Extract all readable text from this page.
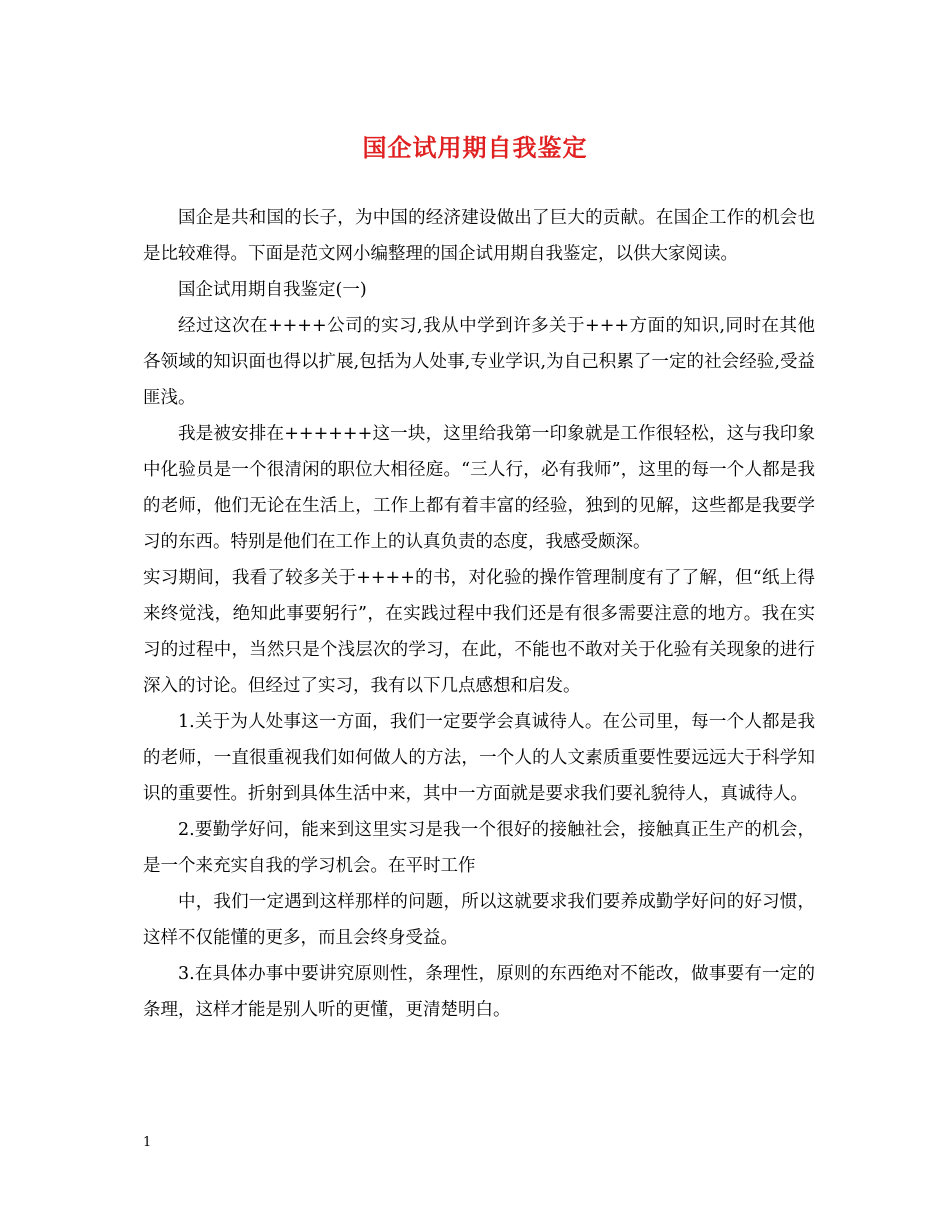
国企试用期自我鉴定

国企是共和国的长子，为中国的经济建设做出了巨大的贡献。在国企工作的机会也是比较难得。下面是范文网小编整理的国企试用期自我鉴定，以供大家阅读。

国企试用期自我鉴定(一)

经过这次在++++公司的实习,我从中学到许多关于+++方面的知识,同时在其他各领域的知识面也得以扩展,包括为人处事,专业学识,为自己积累了一定的社会经验,受益匪浅。

我是被安排在++++++这一块，这里给我第一印象就是工作很轻松，这与我印象中化验员是一个很清闲的职位大相径庭。“三人行，必有我师”，这里的每一个人都是我的老师，他们无论在生活上，工作上都有着丰富的经验，独到的见解，这些都是我要学习的东西。特别是他们在工作上的认真负责的态度，我感受颇深。

实习期间，我看了较多关于++++的书，对化验的操作管理制度有了了解，但“纸上得来终觉浅，绝知此事要躬行”，在实践过程中我们还是有很多需要注意的地方。我在实习的过程中，当然只是个浅层次的学习，在此，不能也不敢对关于化验有关现象的进行深入的讨论。但经过了实习，我有以下几点感想和启发。

1.关于为人处事这一方面，我们一定要学会真诚待人。在公司里，每一个人都是我的老师，一直很重视我们如何做人的方法，一个人的人文素质重要性要远远大于科学知识的重要性。折射到具体生活中来，其中一方面就是要求我们要礼貌待人，真诚待人。

2.要勤学好问，能来到这里实习是我一个很好的接触社会，接触真正生产的机会，是一个来充实自我的学习机会。在平时工作

中，我们一定遇到这样那样的问题，所以这就要求我们要养成勤学好问的好习惯，这样不仅能懂的更多，而且会终身受益。

3.在具体办事中要讲究原则性，条理性，原则的东西绝对不能改，做事要有一定的条理，这样才能是别人听的更懂，更清楚明白。

1
